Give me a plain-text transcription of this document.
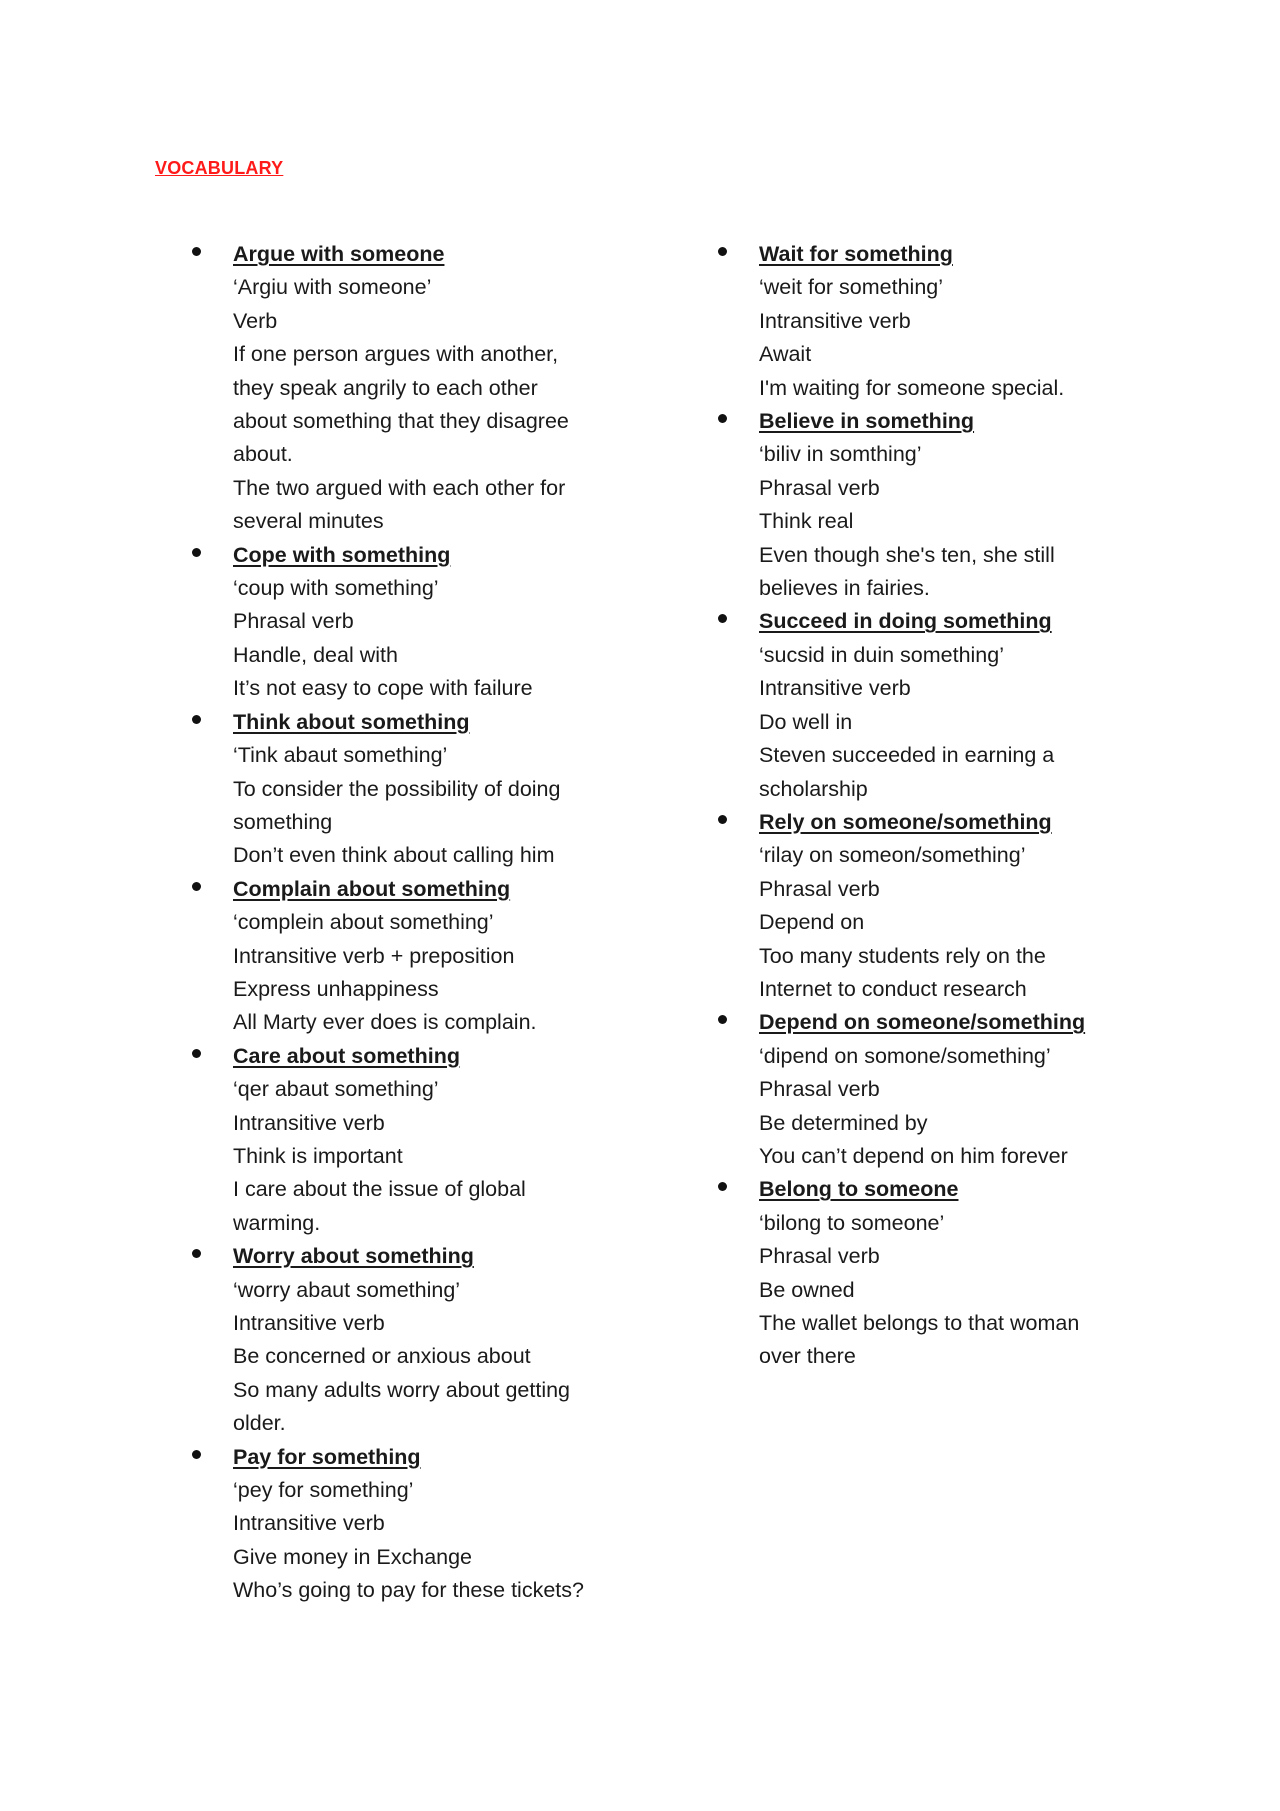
VOCABULARY
Argue with someone
‘Argiu with someone’
Verb
If one person argues with another,
they speak angrily to each other
about something that they disagree
about.
The two argued with each other for
several minutes
Cope with something
‘coup with something’
Phrasal verb
Handle, deal with
It’s not easy to cope with failure
Think about something
‘Tink abaut something’
To consider the possibility of doing
something
Don’t even think about calling him
Complain about something
‘complein about something’
Intransitive verb + preposition
Express unhappiness
All Marty ever does is complain.
Care about something
‘qer abaut something’
Intransitive verb
Think is important
I care about the issue of global
warming.
Worry about something
‘worry abaut something’
Intransitive verb
Be concerned or anxious about
So many adults worry about getting
older.
Pay for something
‘pey for something’
Intransitive verb
Give money in Exchange
Who’s going to pay for these tickets?
Wait for something
‘weit for something’
Intransitive verb
Await
I'm waiting for someone special.
Believe in something
‘biliv in somthing’
Phrasal verb
Think real
Even though she's ten, she still
believes in fairies.
Succeed in doing something
‘sucsid in duin something’
Intransitive verb
Do well in
Steven succeeded in earning a
scholarship
Rely on someone/something
‘rilay on someon/something’
Phrasal verb
Depend on
Too many students rely on the
Internet to conduct research
Depend on someone/something
‘dipend on somone/something’
Phrasal verb
Be determined by
You can’t depend on him forever
Belong to someone
‘bilong to someone’
Phrasal verb
Be owned
The wallet belongs to that woman
over there
